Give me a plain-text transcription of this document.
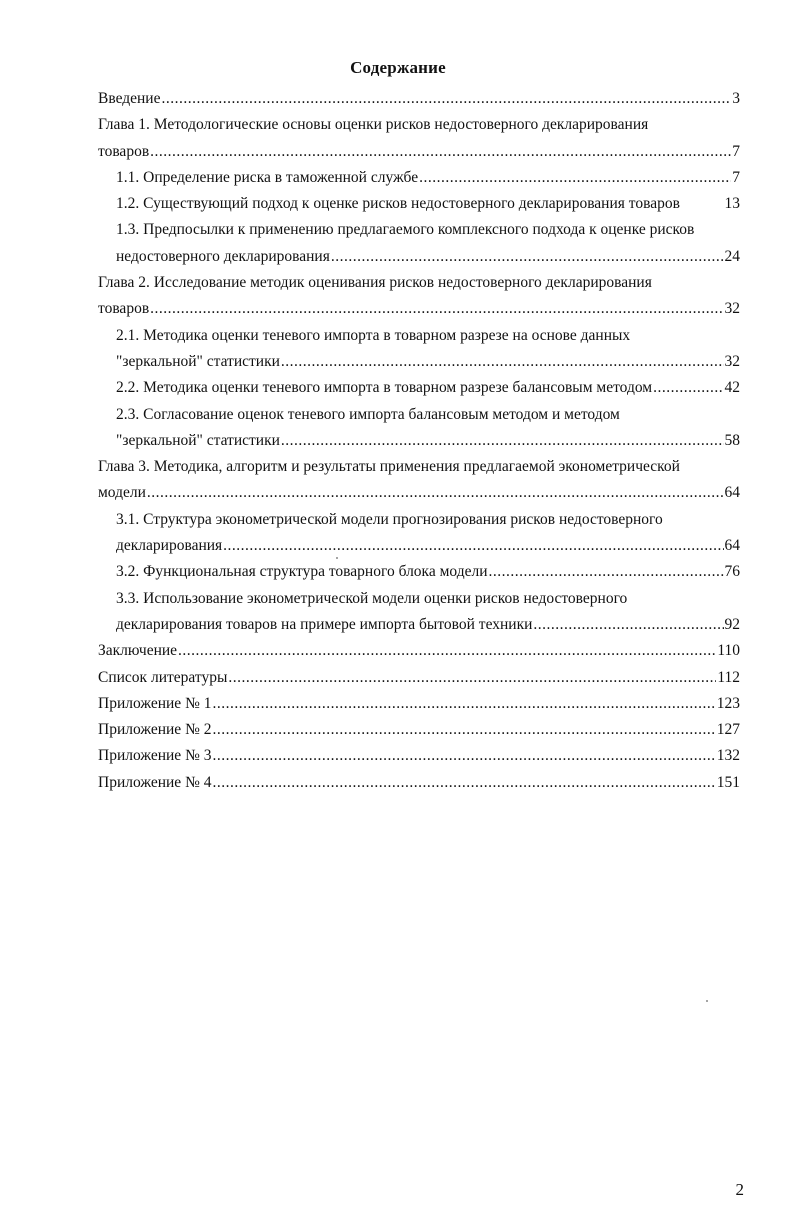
Содержание
Введение .....	3
Глава 1. Методологические основы оценки рисков недостоверного декларирования
товаров .....	7
1.1. Определение риска в таможенной службе .....	7
1.2. Существующий подход к оценке рисков недостоверного декларирования товаров	13
1.3. Предпосылки к применению предлагаемого комплексного подхода к оценке рисков
недостоверного декларирования .....	24
Глава 2. Исследование методик оценивания рисков недостоверного декларирования
товаров .....	32
2.1. Методика оценки теневого импорта в товарном разрезе на основе данных
"зеркальной" статистики .....	32
2.2. Методика оценки теневого импорта в товарном разрезе балансовым методом .....	42
2.3. Согласование оценок теневого импорта балансовым методом и методом
"зеркальной" статистики .....	58
Глава 3. Методика, алгоритм и результаты применения предлагаемой эконометрической
модели .....	64
3.1. Структура эконометрической модели прогнозирования рисков недостоверного
декларирования .....	64
3.2. Функциональная структура товарного блока модели .....	76
3.3. Использование эконометрической модели оценки рисков недостоверного
декларирования товаров на примере импорта бытовой техники .....	92
Заключение .....	110
Список литературы .....	112
Приложение № 1 .....	123
Приложение № 2 .....	127
Приложение № 3 .....	132
Приложение № 4 .....	151
2
